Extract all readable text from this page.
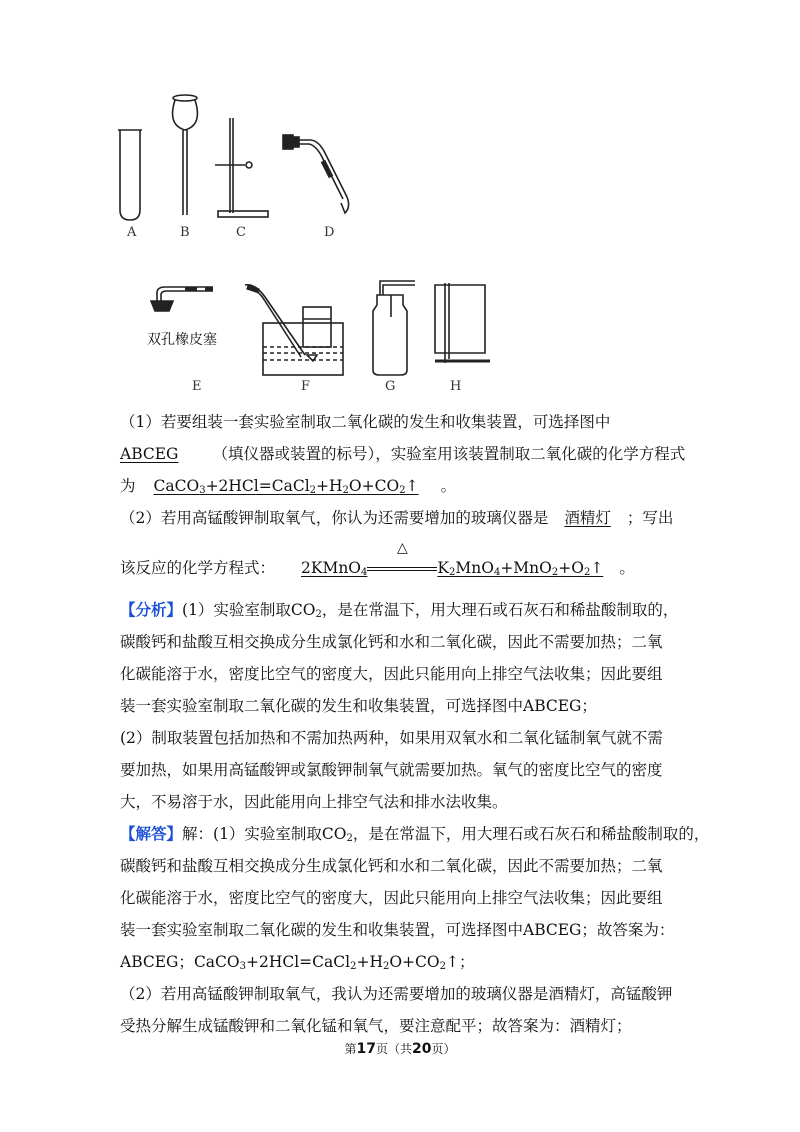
A	B	C	D
双孔橡皮塞
E	F	G	H
（1）若要组装一套实验室制取二氧化碳的发生和收集装置，可选择图中
ABCEG （填仪器或装置的标号），实验室用该装置制取二氧化碳的化学方程式
为 $CaCO_3+2HCl=CaCl_2+H_2O+CO_2↑$ 。
（2）若用高锰酸钾制取氧气，你认为还需要增加的玻璃仪器是 酒精灯 ；写出
该反应的化学方程式： 2KMnO$_4$
△
$K_2MnO_4+MnO_2+O_2↑$ 。
【分析】(1）实验室制取$CO_2$，是在常温下，用大理石或石灰石和稀盐酸制取的，
碳酸钙和盐酸互相交换成分生成氯化钙和水和二氧化碳，因此不需要加热；二氧
化碳能溶于水，密度比空气的密度大，因此只能用向上排空气法收集；因此要组
装一套实验室制取二氧化碳的发生和收集装置，可选择图中ABCEG；
(2）制取装置包括加热和不需加热两种，如果用双氧水和二氧化锰制氧气就不需
要加热，如果用高锰酸钾或氯酸钾制氧气就需要加热。氧气的密度比空气的密度
大，不易溶于水，因此能用向上排空气法和排水法收集。
【解答】解：(1）实验室制取$CO_2$，是在常温下，用大理石或石灰石和稀盐酸制取的，
碳酸钙和盐酸互相交换成分生成氯化钙和水和二氧化碳，因此不需要加热；二氧
化碳能溶于水，密度比空气的密度大，因此只能用向上排空气法收集；因此要组
装一套实验室制取二氧化碳的发生和收集装置，可选择图中ABCEG；故答案为：
ABCEG；$CaCO_3+2HCl=CaCl_2+H_2O+CO_2↑$；
（2）若用高锰酸钾制取氧气，我认为还需要增加的玻璃仪器是酒精灯，高锰酸钾
受热分解生成锰酸钾和二氧化锰和氧气，要注意配平；故答案为：酒精灯；
第17页（共20页）
